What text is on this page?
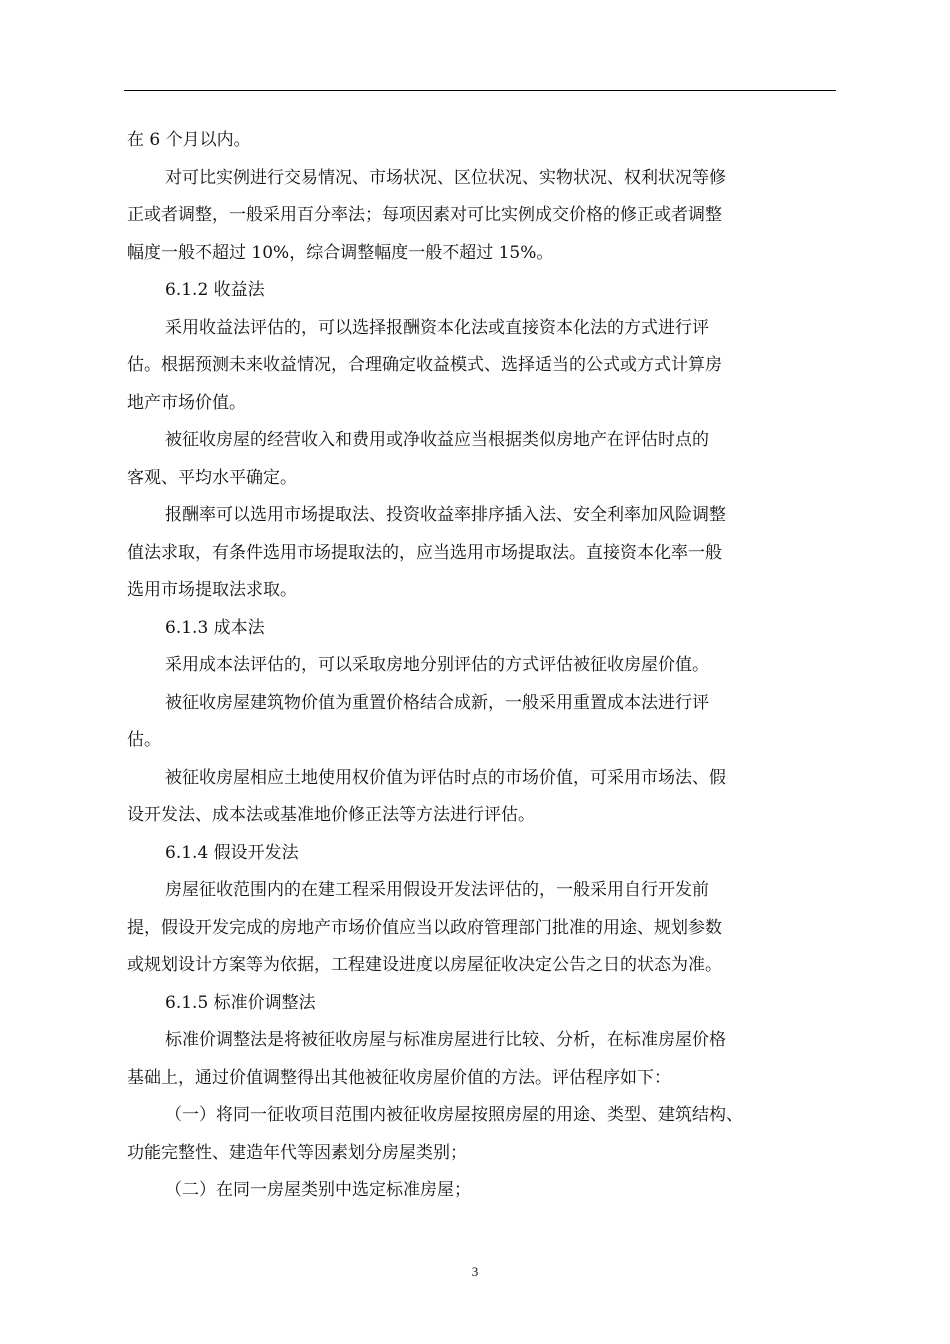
在 6 个月以内。
对可比实例进行交易情况、市场状况、区位状况、实物状况、权利状况等修
正或者调整，一般采用百分率法；每项因素对可比实例成交价格的修正或者调整
幅度一般不超过 10%，综合调整幅度一般不超过 15%。
6.1.2 收益法
采用收益法评估的，可以选择报酬资本化法或直接资本化法的方式进行评
估。根据预测未来收益情况，合理确定收益模式、选择适当的公式或方式计算房
地产市场价值。
被征收房屋的经营收入和费用或净收益应当根据类似房地产在评估时点的
客观、平均水平确定。
报酬率可以选用市场提取法、投资收益率排序插入法、安全利率加风险调整
值法求取，有条件选用市场提取法的，应当选用市场提取法。直接资本化率一般
选用市场提取法求取。
6.1.3 成本法
采用成本法评估的，可以采取房地分别评估的方式评估被征收房屋价值。
被征收房屋建筑物价值为重置价格结合成新，一般采用重置成本法进行评
估。
被征收房屋相应土地使用权价值为评估时点的市场价值，可采用市场法、假
设开发法、成本法或基准地价修正法等方法进行评估。
6.1.4 假设开发法
房屋征收范围内的在建工程采用假设开发法评估的，一般采用自行开发前
提，假设开发完成的房地产市场价值应当以政府管理部门批准的用途、规划参数
或规划设计方案等为依据，工程建设进度以房屋征收决定公告之日的状态为准。
6.1.5 标准价调整法
标准价调整法是将被征收房屋与标准房屋进行比较、分析，在标准房屋价格
基础上，通过价值调整得出其他被征收房屋价值的方法。评估程序如下：
（一）将同一征收项目范围内被征收房屋按照房屋的用途、类型、建筑结构、
功能完整性、建造年代等因素划分房屋类别；
（二）在同一房屋类别中选定标准房屋；
3
